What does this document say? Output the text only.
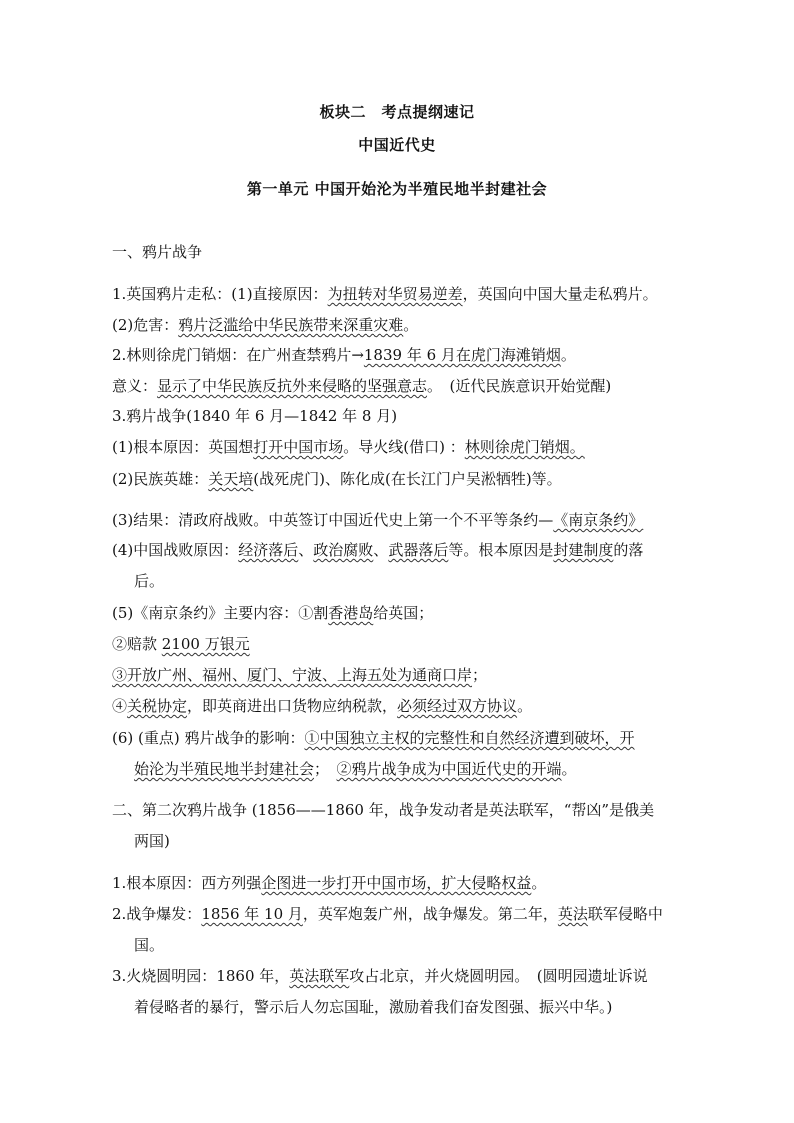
板块二　考点提纲速记
中国近代史
第一单元 中国开始沦为半殖民地半封建社会
一、鸦片战争
1.英国鸦片走私：(1)直接原因：为扭转对华贸易逆差，英国向中国大量走私鸦片。
(2)危害：鸦片泛滥给中华民族带来深重灾难。
2.林则徐虎门销烟：在广州查禁鸦片→1839 年 6 月在虎门海滩销烟。
意义：显示了中华民族反抗外来侵略的坚强意志。　(近代民族意识开始觉醒)
3.鸦片战争(1840 年 6 月—1842 年 8 月)
(1)根本原因：英国想打开中国市场。导火线(借口) ：林则徐虎门销烟。
(2)民族英雄：关天培(战死虎门)、陈化成(在长江门户吴淞牺牲)等。
(3)结果：清政府战败。中英签订中国近代史上第一个不平等条约—《南京条约》
(4)中国战败原因：经济落后、政治腐败、武器落后等。根本原因是封建制度的落
后。
(5)《南京条约》主要内容：①割香港岛给英国；
②赔款 2100 万银元
③开放广州、福州、厦门、宁波、上海五处为通商口岸；
④关税协定，即英商进出口货物应纳税款，必须经过双方协议。
(6) (重点) 鸦片战争的影响：①中国独立主权的完整性和自然经济遭到破坏，开
始沦为半殖民地半封建社会；　②鸦片战争成为中国近代史的开端。
二、第二次鸦片战争 (1856——1860 年，战争发动者是英法联军，“帮凶”是俄美
两国)
1.根本原因：西方列强企图进一步打开中国市场，扩大侵略权益。
2.战争爆发：1856 年 10 月，英军炮轰广州，战争爆发。第二年，英法联军侵略中
国。
3.火烧圆明园：1860 年，英法联军攻占北京，并火烧圆明园。　(圆明园遗址诉说
着侵略者的暴行，警示后人勿忘国耻，激励着我们奋发图强、振兴中华。)
